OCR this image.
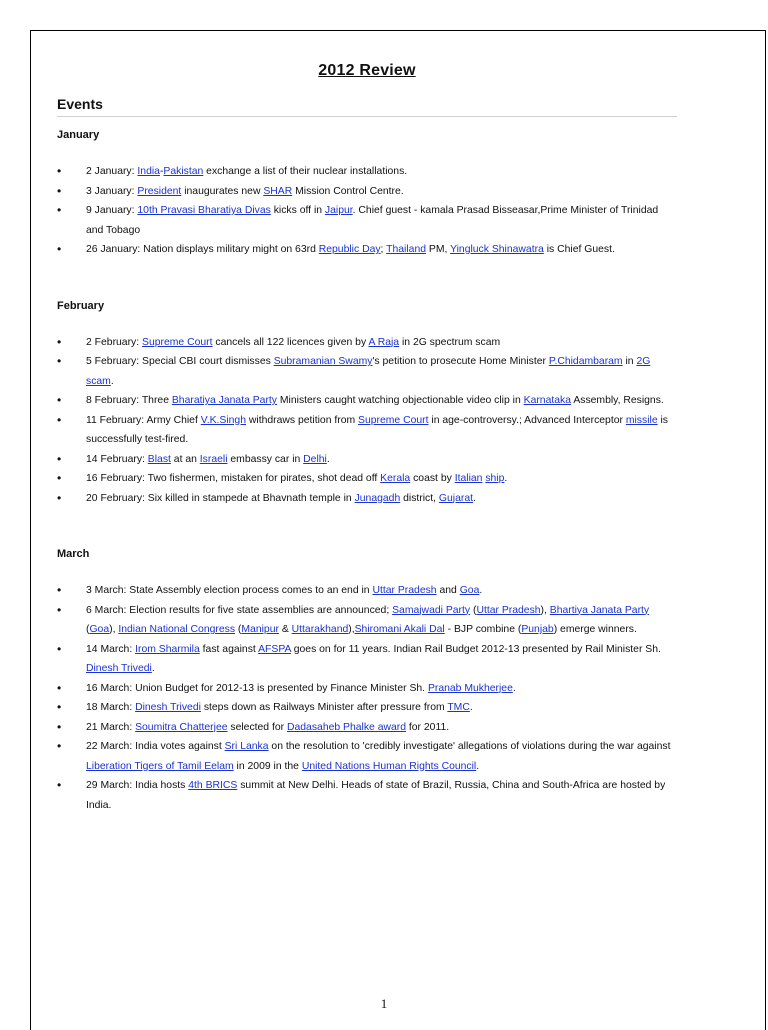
2012 Review
Events
January
• 2 January: India-Pakistan exchange a list of their nuclear installations.
• 3 January: President inaugurates new SHAR Mission Control Centre.
• 9 January: 10th Pravasi Bharatiya Divas kicks off in Jaipur. Chief guest - kamala Prasad Bisseasar,Prime Minister of Trinidad and Tobago
• 26 January: Nation displays military might on 63rd Republic Day; Thailand PM, Yingluck Shinawatra is Chief Guest.
February
• 2 February: Supreme Court cancels all 122 licences given by A Raja in 2G spectrum scam
• 5 February: Special CBI court dismisses Subramanian Swamy's petition to prosecute Home Minister P.Chidambaram in 2G scam.
• 8 February: Three Bharatiya Janata Party Ministers caught watching objectionable video clip in Karnataka Assembly, Resigns.
• 11 February: Army Chief V.K.Singh withdraws petition from Supreme Court in age-controversy.; Advanced Interceptor missile is successfully test-fired.
• 14 February: Blast at an Israeli embassy car in Delhi.
• 16 February: Two fishermen, mistaken for pirates, shot dead off Kerala coast by Italian ship.
• 20 February: Six killed in stampede at Bhavnath temple in Junagadh district, Gujarat.
March
• 3 March: State Assembly election process comes to an end in Uttar Pradesh and Goa.
• 6 March: Election results for five state assemblies are announced; Samajwadi Party (Uttar Pradesh), Bhartiya Janata Party (Goa), Indian National Congress (Manipur & Uttarakhand),Shiromani Akali Dal - BJP combine (Punjab) emerge winners.
• 14 March: Irom Sharmila fast against AFSPA goes on for 11 years. Indian Rail Budget 2012-13 presented by Rail Minister Sh. Dinesh Trivedi.
• 16 March: Union Budget for 2012-13 is presented by Finance Minister Sh. Pranab Mukherjee.
• 18 March: Dinesh Trivedi steps down as Railways Minister after pressure from TMC.
• 21 March: Soumitra Chatterjee selected for Dadasaheb Phalke award for 2011.
• 22 March: India votes against Sri Lanka on the resolution to 'credibly investigate' allegations of violations during the war against Liberation Tigers of Tamil Eelam in 2009 in the United Nations Human Rights Council.
• 29 March: India hosts 4th BRICS summit at New Delhi. Heads of state of Brazil, Russia, China and South-Africa are hosted by India.
1
